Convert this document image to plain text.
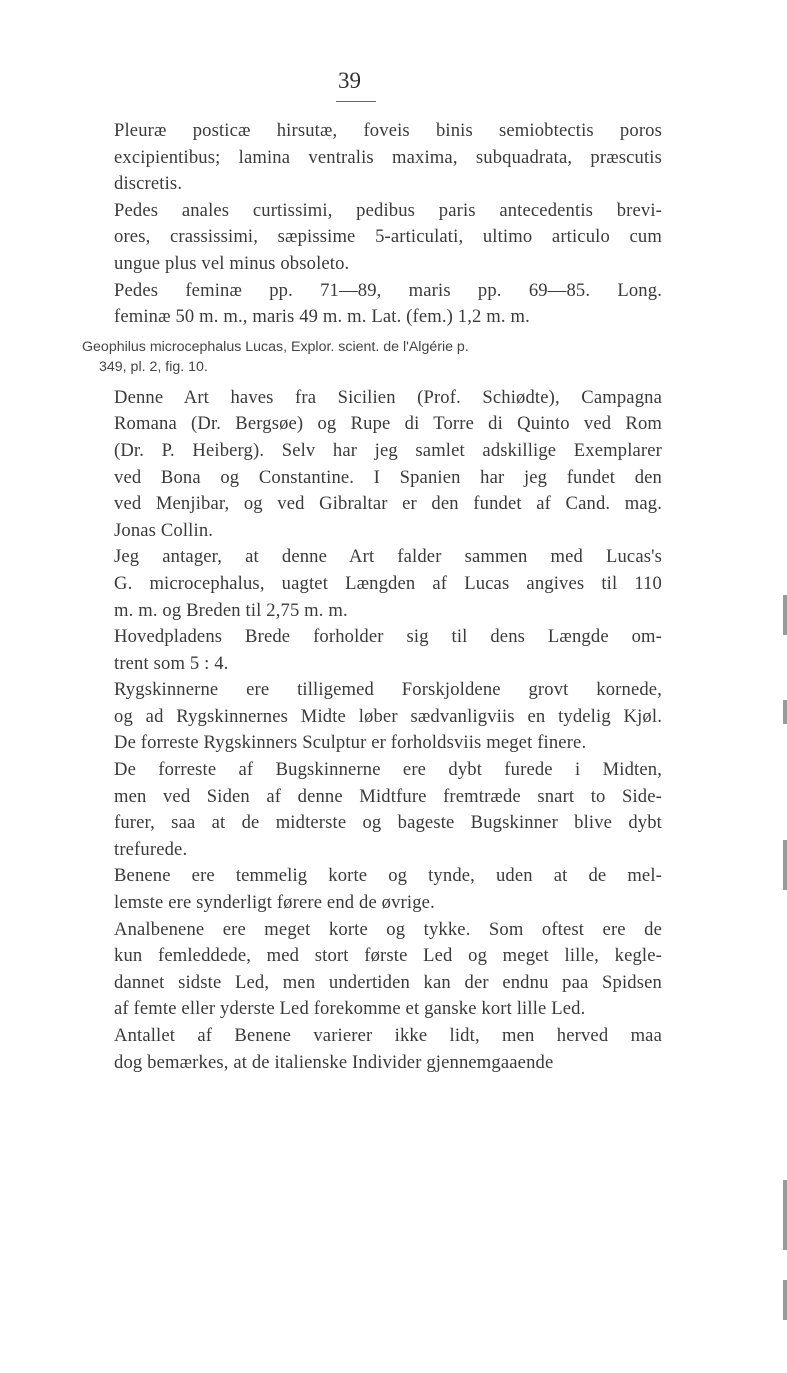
39

Pleuræ posticæ hirsutæ, foveis binis semiobtectis poros
excipientibus; lamina ventralis maxima, subquadrata, præscutis
discretis.

Pedes anales curtissimi, pedibus paris antecedentis brevi-
ores, crassissimi, sæpissime 5-articulati, ultimo articulo cum
ungue plus vel minus obsoleto.

Pedes feminæ pp. 71—89, maris pp. 69—85. Long.
feminæ 50 m. m., maris 49 m. m. Lat. (fem.) 1,2 m. m.

Geophilus microcephalus Lucas, Explor. scient. de l'Algérie p.
349, pl. 2, fig. 10.

Denne Art haves fra Sicilien (Prof. Schiødte), Campagna
Romana (Dr. Bergsøe) og Rupe di Torre di Quinto ved Rom
(Dr. P. Heiberg). Selv har jeg samlet adskillige Exemplarer
ved Bona og Constantine. I Spanien har jeg fundet den
ved Menjibar, og ved Gibraltar er den fundet af Cand. mag.
Jonas Collin.

Jeg antager, at denne Art falder sammen med Lucas's
G. microcephalus, uagtet Længden af Lucas angives til 110
m. m. og Breden til 2,75 m. m.

Hovedpladens Brede forholder sig til dens Længde om-
trent som 5 : 4.

Rygskinnerne ere tilligemed Forskjoldene grovt kornede,
og ad Rygskinnernes Midte løber sædvanligviis en tydelig Kjøl.
De forreste Rygskinners Sculptur er forholdsviis meget finere.

De forreste af Bugskinnerne ere dybt furede i Midten,
men ved Siden af denne Midtfure fremtræde snart to Side-
furer, saa at de midterste og bageste Bugskinner blive dybt
trefurede.

Benene ere temmelig korte og tynde, uden at de mel-
lemste ere synderligt førere end de øvrige.

Analbenene ere meget korte og tykke. Som oftest ere de
kun femleddede, med stort første Led og meget lille, kegle-
dannet sidste Led, men undertiden kan der endnu paa Spidsen
af femte eller yderste Led forekomme et ganske kort lille Led.

Antallet af Benene varierer ikke lidt, men herved maa
dog bemærkes, at de italienske Individer gjennemgaaende
